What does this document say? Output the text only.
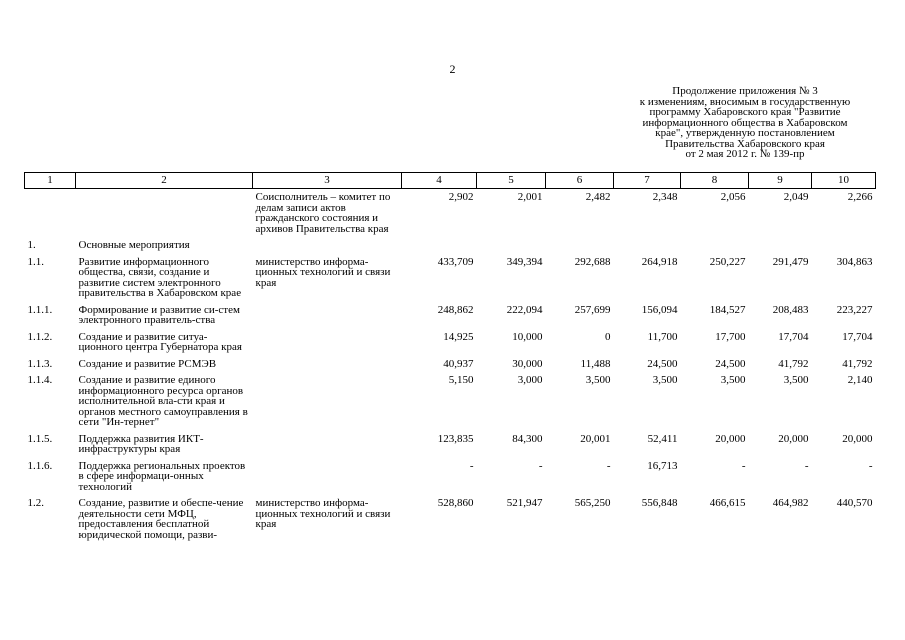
2
Продолжение приложения № 3
к изменениям, вносимым в государственную
программу Хабаровского края "Развитие
информационного общества в Хабаровском
крае", утвержденную постановлением
Правительства Хабаровского края
от 2 мая 2012 г. № 139-пр
1	2	3	4	5	6	7	8	9	10
		Соисполнитель – комитет по делам записи актов гражданского состояния и архивов Правительства края	2,902	2,001	2,482	2,348	2,056	2,049	2,266
1.	Основные мероприятия								
1.1.	Развитие информационного общества, связи, создание и развитие систем электронного правительства в Хабаровском крае	министерство информа-ционных технологий и связи края	433,709	349,394	292,688	264,918	250,227	291,479	304,863
1.1.1.	Формирование и развитие си-стем электронного правитель-ства		248,862	222,094	257,699	156,094	184,527	208,483	223,227
1.1.2.	Создание и развитие ситуа-ционного центра Губернатора края		14,925	10,000	0	11,700	17,700	17,704	17,704
1.1.3.	Создание и развитие РСМЭВ		40,937	30,000	11,488	24,500	24,500	41,792	41,792
1.1.4.	Создание и развитие единого информационного ресурса органов исполнительной вла-сти края и органов местного самоуправления в сети "Ин-тернет"		5,150	3,000	3,500	3,500	3,500	3,500	2,140
1.1.5.	Поддержка развития ИКТ-инфраструктуры края		123,835	84,300	20,001	52,411	20,000	20,000	20,000
1.1.6.	Поддержка региональных проектов в сфере информаци-онных технологий		-	-	-	16,713	-	-	-
1.2.	Создание, развитие и обеспе-чение деятельности сети МФЦ, предоставления бесплатной юридической помощи, разви-	министерство информа-ционных технологий и связи края	528,860	521,947	565,250	556,848	466,615	464,982	440,570
